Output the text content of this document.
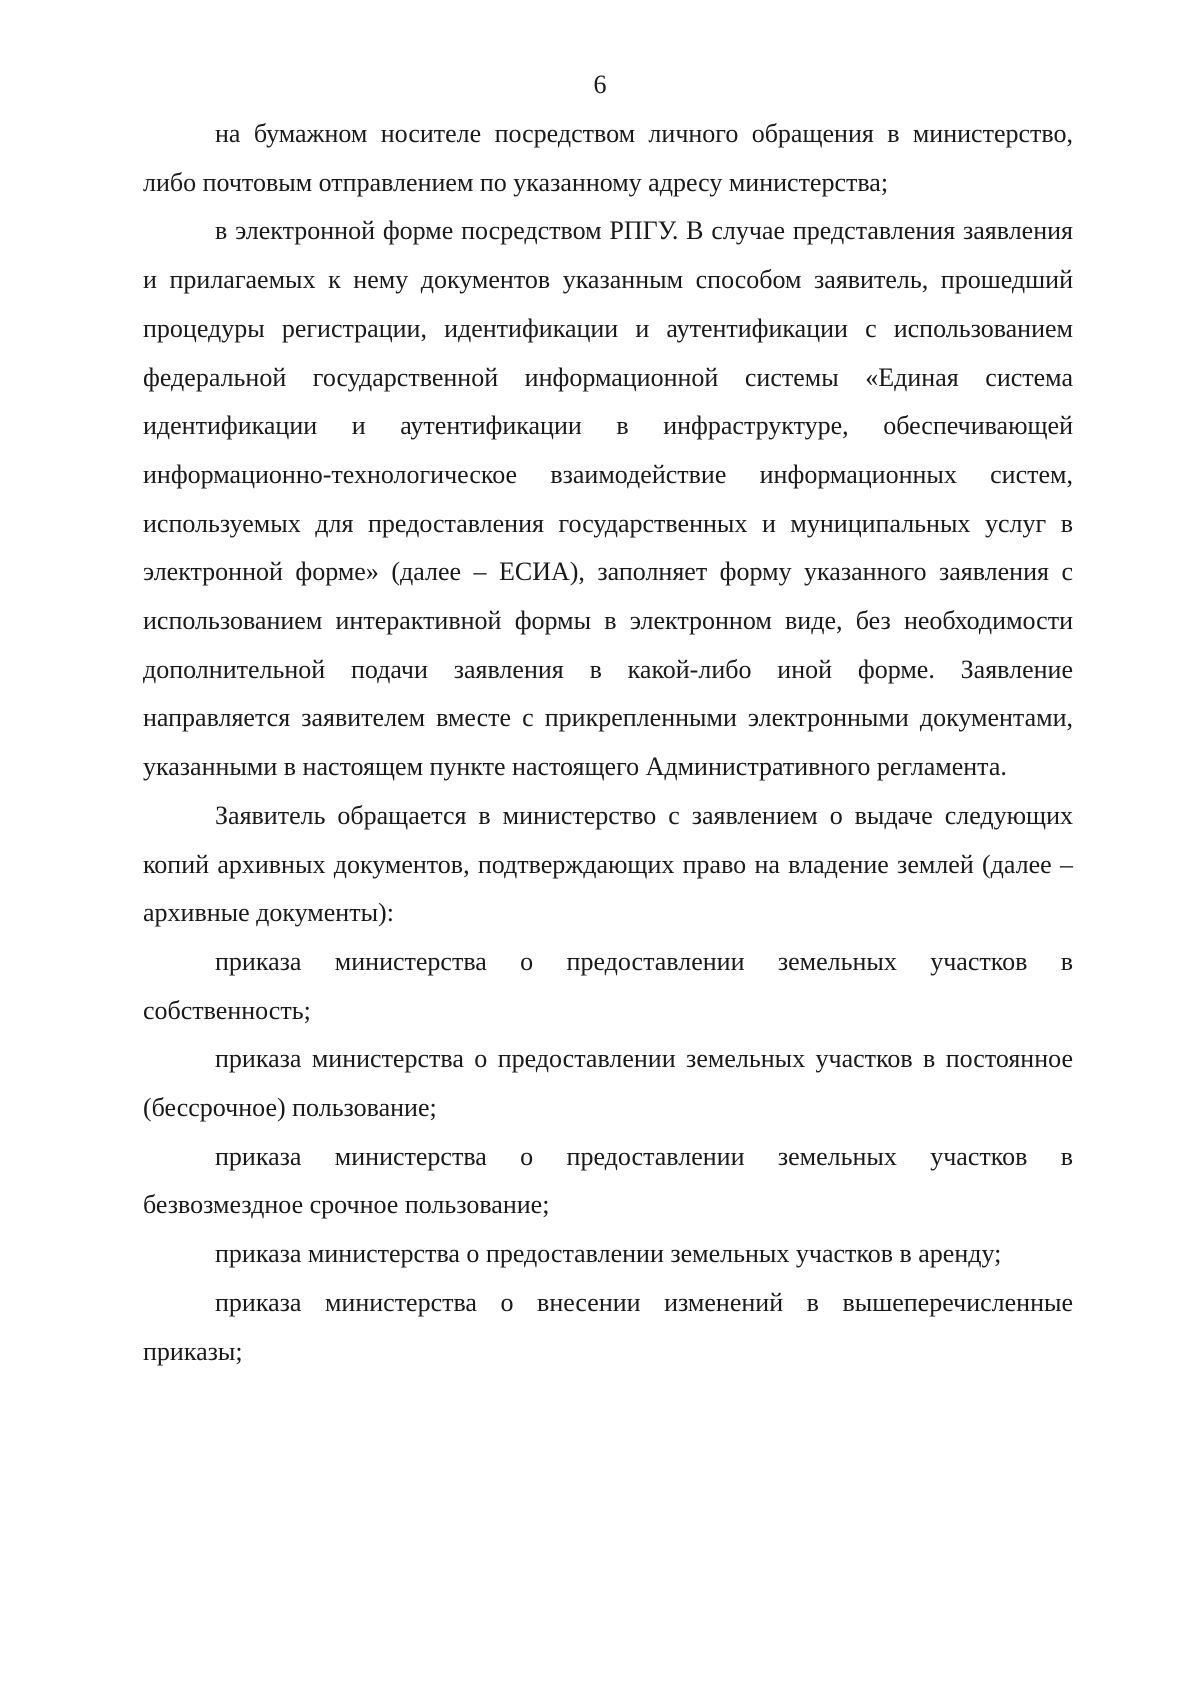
6

на бумажном носителе посредством личного обращения в министерство, либо почтовым отправлением по указанному адресу министерства;

в электронной форме посредством РПГУ. В случае представления заявления и прилагаемых к нему документов указанным способом заявитель, прошедший процедуры регистрации, идентификации и аутентификации с использованием федеральной государственной информационной системы «Единая система идентификации и аутентификации в инфраструктуре, обеспечивающей информационно-технологическое взаимодействие информационных систем, используемых для предоставления государственных и муниципальных услуг в электронной форме» (далее – ЕСИА), заполняет форму указанного заявления с использованием интерактивной формы в электронном виде, без необходимости дополнительной подачи заявления в какой-либо иной форме. Заявление направляется заявителем вместе с прикрепленными электронными документами, указанными в настоящем пункте настоящего Административного регламента.

Заявитель обращается в министерство с заявлением о выдаче следующих копий архивных документов, подтверждающих право на владение землей (далее – архивные документы):

приказа министерства о предоставлении земельных участков в собственность;

приказа министерства о предоставлении земельных участков в постоянное (бессрочное) пользование;

приказа министерства о предоставлении земельных участков в безвозмездное срочное пользование;

приказа министерства о предоставлении земельных участков в аренду;

приказа министерства о внесении изменений в вышеперечисленные приказы;
